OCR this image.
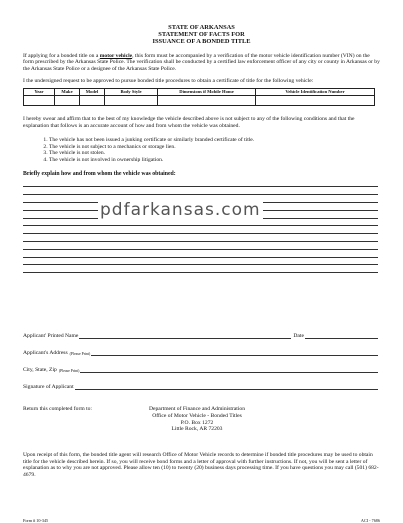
STATE OF ARKANSAS
STATEMENT OF FACTS FOR
ISSUANCE OF A BONDED TITLE

If applying for a bonded title on a motor vehicle, this form must be accompanied by a verification of the motor vehicle identification number (VIN) on the form prescribed by the Arkansas State Police. The verification shall be conducted by a certified law enforcement officer of any city or county in Arkansas or by the Arkansas State Police or a designee of the Arkansas State Police.

I the undersigned request to be approved to pursue bonded title procedures to obtain a certificate of title for the following vehicle:

Year	Make	Model	Body Style	Dimensions if Mobile Home	Vehicle Identification Number

I hereby swear and affirm that to the best of my knowledge the vehicle described above is not subject to any of the following conditions and that the explanation that follows is an accurate account of how and from whom the vehicle was obtained.

1. The vehicle has not been issued a junking certificate or similarly branded certificate of title.
2. The vehicle is not subject to a mechanics or storage lien.
3. The vehicle is not stolen.
4. The vehicle is not involved in ownership litigation.
Briefly explain how and from whom the vehicle was obtained:
pdfarkansas.com
Applicant' Printed Name	Date
Applicant's Address (Please Print)
City, State, Zip (Please Print)
Signature of Applicant
Return this completed form to:	Department of Finance and Administration
Office of Motor Vehicle - Bonded Titles
P.O. Box 1272
Little Rock, AR 72203

Upon receipt of this form, the bonded title agent will research Office of Motor Vehicle records to determine if bonded title procedures may be used to obtain title for the vehicle described herein. If so, you will receive bond forms and a letter of approval with further instructions. If not, you will be sent a letter of explanation as to why you are not approved. Please allow ten (10) to twenty (20) business days processing time. If you have questions you may call (501) 682-4679.

Form # 10-345	ACI - 7686
